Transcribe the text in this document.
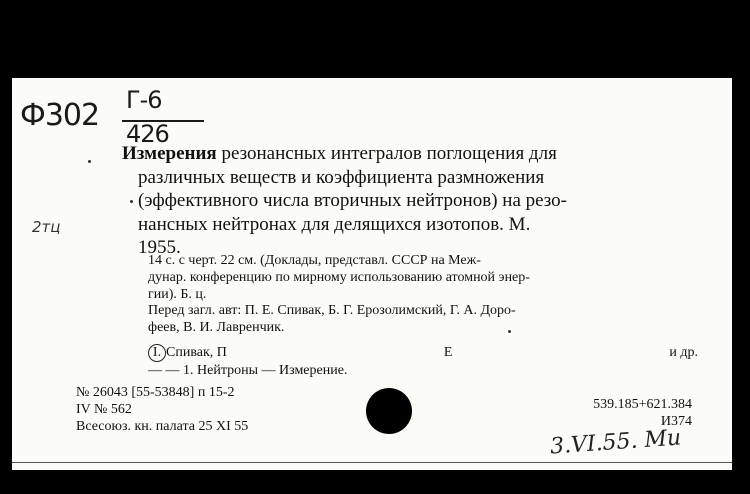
Ф302 Г-6
426
2тц

Измерения резонансных интегралов поглощения для

различных веществ и коэффициента размножения

(эффективного числа вторичных нейтронов) на резо-

нансных нейтронах для делящихся изотопов. М.

1955.

14 с. с черт. 22 см. (Доклады, представл. СССР на Меж-
дунар. конференцию по мирному использованию атомной энер-
гии). Б. ц.
Перед загл. авт: П. Е. Спивак, Б. Г. Ерозолимский, Г. А. Доро-
феев, В. И. Лавренчик.
I. Спивак, П	Е	и др.
— — 1. Нейтроны — Измерение.
№ 26043 [55-53848] п 15-2
IV № 562
Всесоюз. кн. палата 25 XI 55
539.185+621.384
И374
3.VI.55. Ми
